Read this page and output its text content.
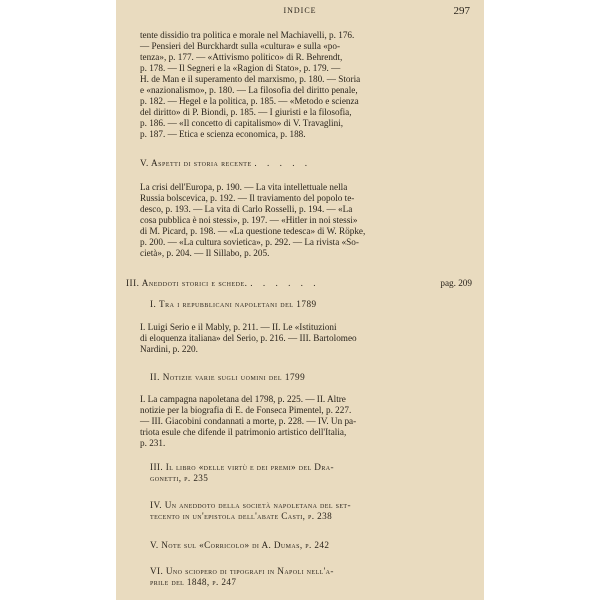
INDICE	297
tente dissidio tra politica e morale nel Machiavelli, p. 176.
— Pensieri del Burckhardt sulla «cultura» e sulla «po-
tenza», p. 177. — «Attivismo politico» di R. Behrendt,
p. 178. — Il Segneri e la «Ragion di Stato», p. 179. —
H. de Man e il superamento del marxismo, p. 180. — Storia
e «nazionalismo», p. 180. — La filosofia del diritto penale,
p. 182. — Hegel e la politica, p. 185. — «Metodo e scienza
del diritto» di P. Biondi, p. 185. — I giuristi e la filosofia,
p. 186. — «Il concetto di capitalismo» di V. Travaglini,
p. 187. — Etica e scienza economica, p. 188.
V. Aspetti di storia recente . . . . .
La crisi dell'Europa, p. 190. — La vita intellettuale nella
Russia bolscevica, p. 192. — Il traviamento del popolo te-
desco, p. 193. — La vita di Carlo Rosselli, p. 194. — «La
cosa pubblica è noi stessi», p. 197. — «Hitler in noi stessi»
di M. Picard, p. 198. — «La questione tedesca» di W. Röpke,
p. 200. — «La cultura sovietica», p. 292. — La rivista «So-
cietà», p. 204. — Il Sillabo, p. 205.
III. Aneddoti storici e schede. . . . . . .	pag. 209
I. Tra i repubblicani napoletani del 1789
I. Luigi Serio e il Mably, p. 211. — II. Le «Istituzioni
di eloquenza italiana» del Serio, p. 216. — III. Bartolomeo
Nardini, p. 220.
II. Notizie varie sugli uomini del 1799
I. La campagna napoletana del 1798, p. 225. — II. Altre
notizie per la biografia di E. de Fonseca Pimentel, p. 227.
— III. Giacobini condannati a morte, p. 228. — IV. Un pa-
triota esule che difende il patrimonio artistico dell'Italia,
p. 231.
III. Il libro «delle virtù e dei premi» del Dra-
gonetti, p. 235
IV. Un aneddoto della società napoletana del set-
tecento in un'epistola dell'abate Casti, p. 238
V. Note sul «Corricolo» di A. Dumas, p. 242
VI. Uno sciopero di tipografi in Napoli nell'a-
prile del 1848, p. 247
